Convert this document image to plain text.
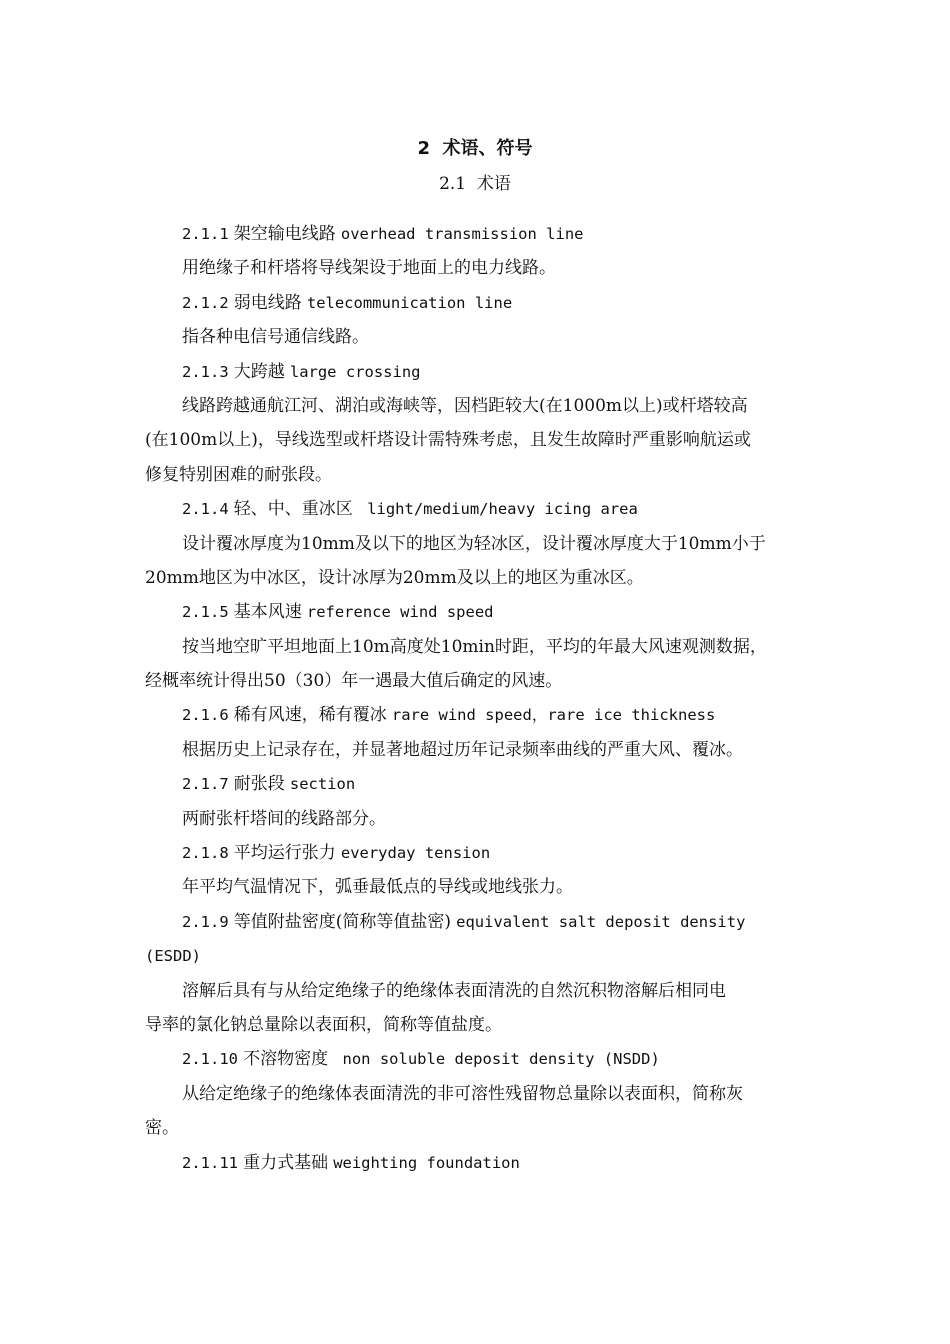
2  术语、符号
2.1  术语
2.1.1 架空输电线路 overhead transmission line
用绝缘子和杆塔将导线架设于地面上的电力线路。
2.1.2 弱电线路 telecommunication line
指各种电信号通信线路。
2.1.3 大跨越 large crossing
线路跨越通航江河、湖泊或海峡等，因档距较大(在1000m以上)或杆塔较高
(在100m以上)，导线选型或杆塔设计需特殊考虑，且发生故障时严重影响航运或
修复特别困难的耐张段。
2.1.4 轻、中、重冰区  light/medium/heavy icing area
设计覆冰厚度为10mm及以下的地区为轻冰区，设计覆冰厚度大于10mm小于
20mm地区为中冰区，设计冰厚为20mm及以上的地区为重冰区。
2.1.5 基本风速 reference wind speed
按当地空旷平坦地面上10m高度处10min时距，平均的年最大风速观测数据，
经概率统计得出50（30）年一遇最大值后确定的风速。
2.1.6 稀有风速，稀有覆冰 rare wind speed，rare ice thickness
根据历史上记录存在，并显著地超过历年记录频率曲线的严重大风、覆冰。
2.1.7 耐张段 section
两耐张杆塔间的线路部分。
2.1.8 平均运行张力 everyday tension
年平均气温情况下，弧垂最低点的导线或地线张力。
2.1.9 等值附盐密度(简称等值盐密) equivalent salt deposit density
(ESDD)
溶解后具有与从给定绝缘子的绝缘体表面清洗的自然沉积物溶解后相同电
导率的氯化钠总量除以表面积，简称等值盐度。
2.1.10 不溶物密度  non soluble deposit density (NSDD)
从给定绝缘子的绝缘体表面清洗的非可溶性残留物总量除以表面积，简称灰
密。
2.1.11 重力式基础 weighting foundation
